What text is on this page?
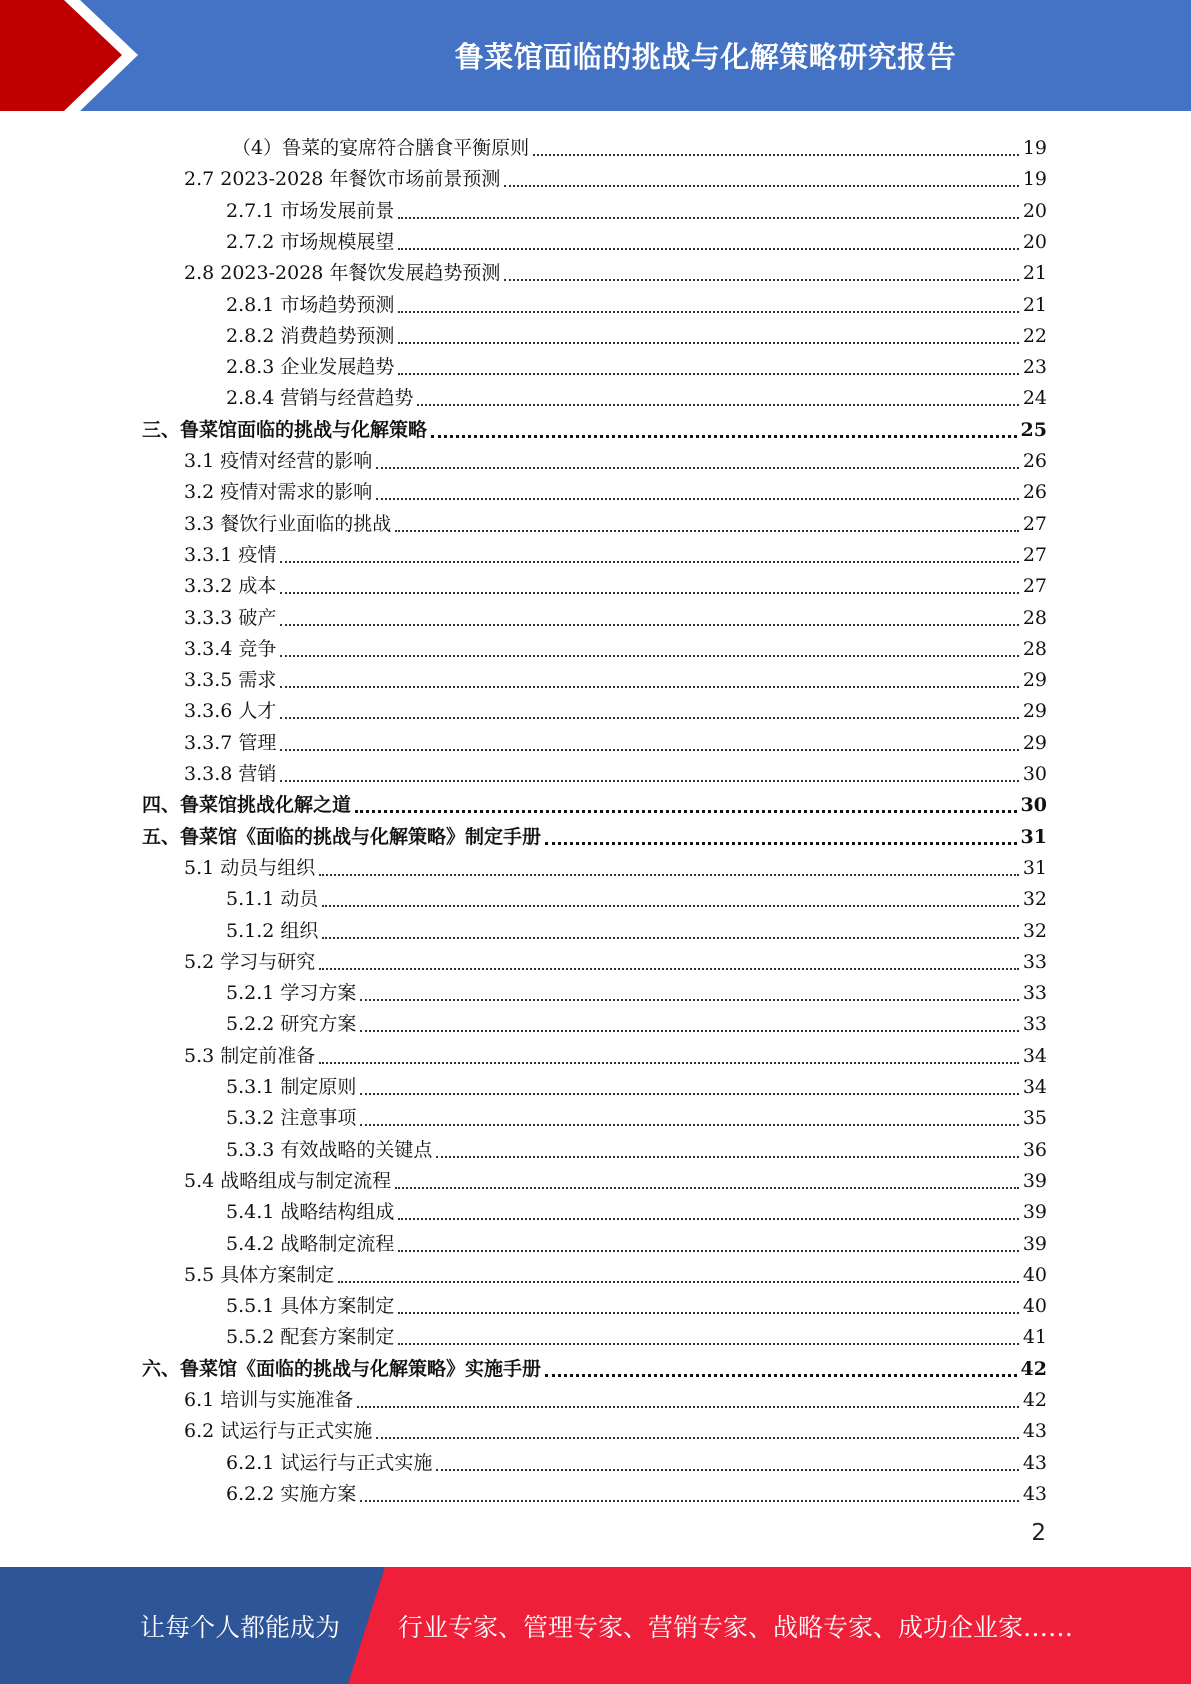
鲁菜馆面临的挑战与化解策略研究报告
（4）鲁菜的宴席符合膳食平衡原则	19
2.7 2023-2028 年餐饮市场前景预测	19
2.7.1 市场发展前景	20
2.7.2 市场规模展望	20
2.8 2023-2028 年餐饮发展趋势预测	21
2.8.1 市场趋势预测	21
2.8.2 消费趋势预测	22
2.8.3 企业发展趋势	23
2.8.4 营销与经营趋势	24
三、鲁菜馆面临的挑战与化解策略	25
3.1 疫情对经营的影响	26
3.2 疫情对需求的影响	26
3.3 餐饮行业面临的挑战	27
3.3.1 疫情	27
3.3.2 成本	27
3.3.3 破产	28
3.3.4 竞争	28
3.3.5 需求	29
3.3.6 人才	29
3.3.7 管理	29
3.3.8 营销	30
四、鲁菜馆挑战化解之道	30
五、鲁菜馆《面临的挑战与化解策略》制定手册	31
5.1 动员与组织	31
5.1.1 动员	32
5.1.2 组织	32
5.2 学习与研究	33
5.2.1 学习方案	33
5.2.2 研究方案	33
5.3 制定前准备	34
5.3.1 制定原则	34
5.3.2 注意事项	35
5.3.3 有效战略的关键点	36
5.4 战略组成与制定流程	39
5.4.1 战略结构组成	39
5.4.2 战略制定流程	39
5.5 具体方案制定	40
5.5.1 具体方案制定	40
5.5.2 配套方案制定	41
六、鲁菜馆《面临的挑战与化解策略》实施手册	42
6.1 培训与实施准备	42
6.2 试运行与正式实施	43
6.2.1 试运行与正式实施	43
6.2.2 实施方案	43
2
让每个人都能成为 行业专家、管理专家、营销专家、战略专家、成功企业家……
